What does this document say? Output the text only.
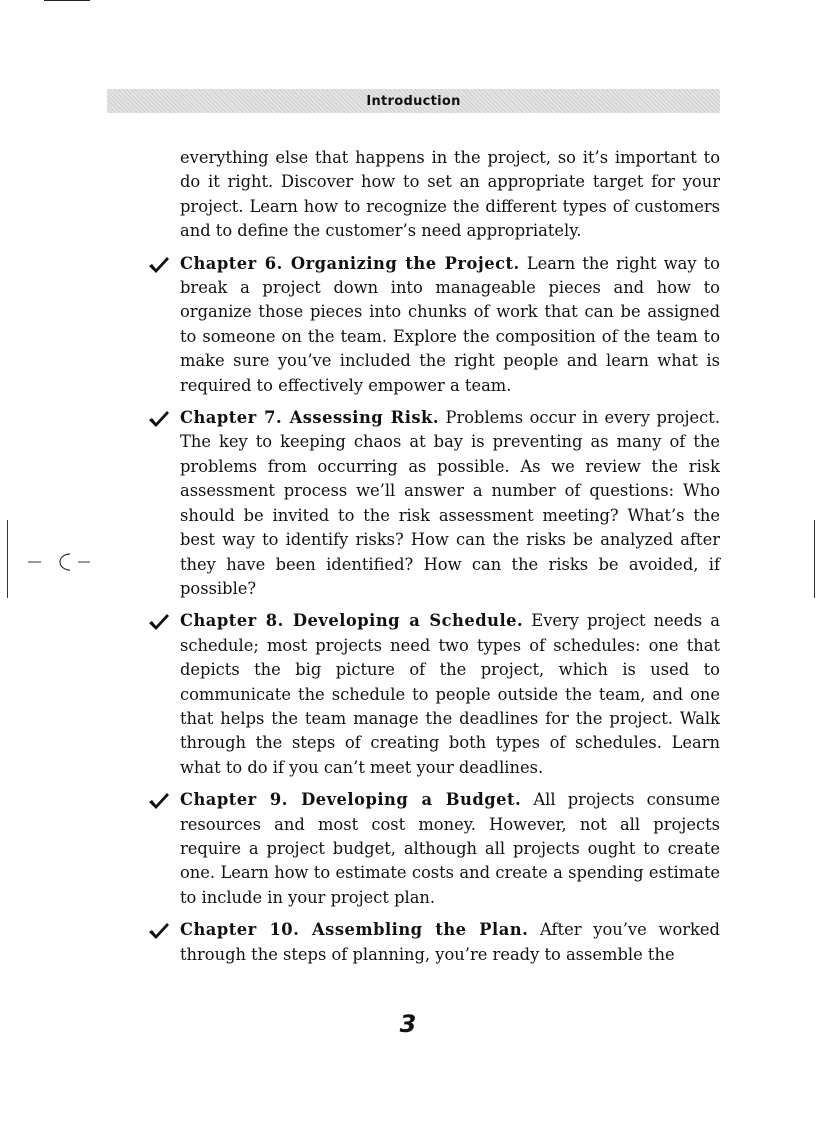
Introduction

everything else that happens in the project, so it’s important to do it right. Discover how to set an appropriate target for your project. Learn how to recognize the different types of customers and to define the customer’s need appropriately.

Chapter 6. Organizing the Project. Learn the right way to break a project down into manageable pieces and how to organize those pieces into chunks of work that can be assigned to someone on the team. Explore the composition of the team to make sure you’ve included the right people and learn what is required to effectively empower a team.

Chapter 7. Assessing Risk. Problems occur in every project. The key to keeping chaos at bay is preventing as many of the problems from occurring as possible. As we review the risk assessment process we’ll answer a number of questions: Who should be invited to the risk assessment meeting? What’s the best way to identify risks? How can the risks be analyzed after they have been identified? How can the risks be avoided, if possible?

Chapter 8. Developing a Schedule. Every project needs a schedule; most projects need two types of schedules: one that depicts the big picture of the project, which is used to communicate the schedule to people outside the team, and one that helps the team manage the deadlines for the project. Walk through the steps of creating both types of schedules. Learn what to do if you can’t meet your deadlines.

Chapter 9. Developing a Budget. All projects consume resources and most cost money. However, not all projects require a project budget, although all projects ought to create one. Learn how to estimate costs and create a spending estimate to include in your project plan.

Chapter 10. Assembling the Plan. After you’ve worked through the steps of planning, you’re ready to assemble the

3
